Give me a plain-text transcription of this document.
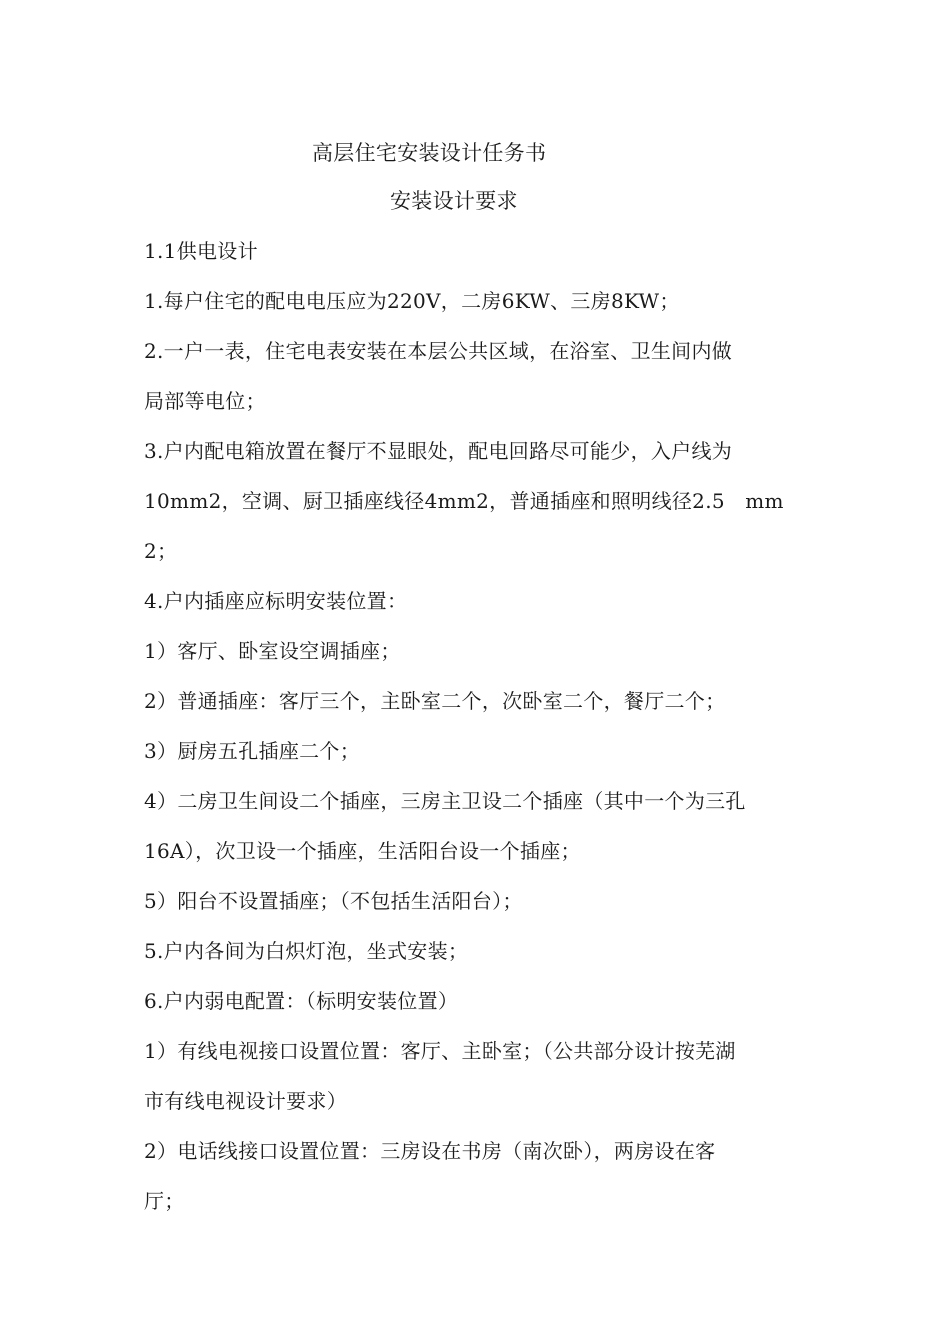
高层住宅安装设计任务书
安装设计要求
1.1供电设计
1.每户住宅的配电电压应为220V，二房6KW、三房8KW；
2.一户一表，住宅电表安装在本层公共区域，在浴室、卫生间内做
局部等电位；
3.户内配电箱放置在餐厅不显眼处，配电回路尽可能少，入户线为
10mm2，空调、厨卫插座线径4mm2，普通插座和照明线径2.5　mm
2；
4.户内插座应标明安装位置：
1）客厅、卧室设空调插座；
2）普通插座：客厅三个，主卧室二个，次卧室二个，餐厅二个；
3）厨房五孔插座二个；
4）二房卫生间设二个插座，三房主卫设二个插座（其中一个为三孔
16A），次卫设一个插座，生活阳台设一个插座；
5）阳台不设置插座；（不包括生活阳台）；
5.户内各间为白炽灯泡，坐式安装；
6.户内弱电配置：（标明安装位置）
1）有线电视接口设置位置：客厅、主卧室；（公共部分设计按芜湖
市有线电视设计要求）
2）电话线接口设置位置：三房设在书房（南次卧），两房设在客
厅；
